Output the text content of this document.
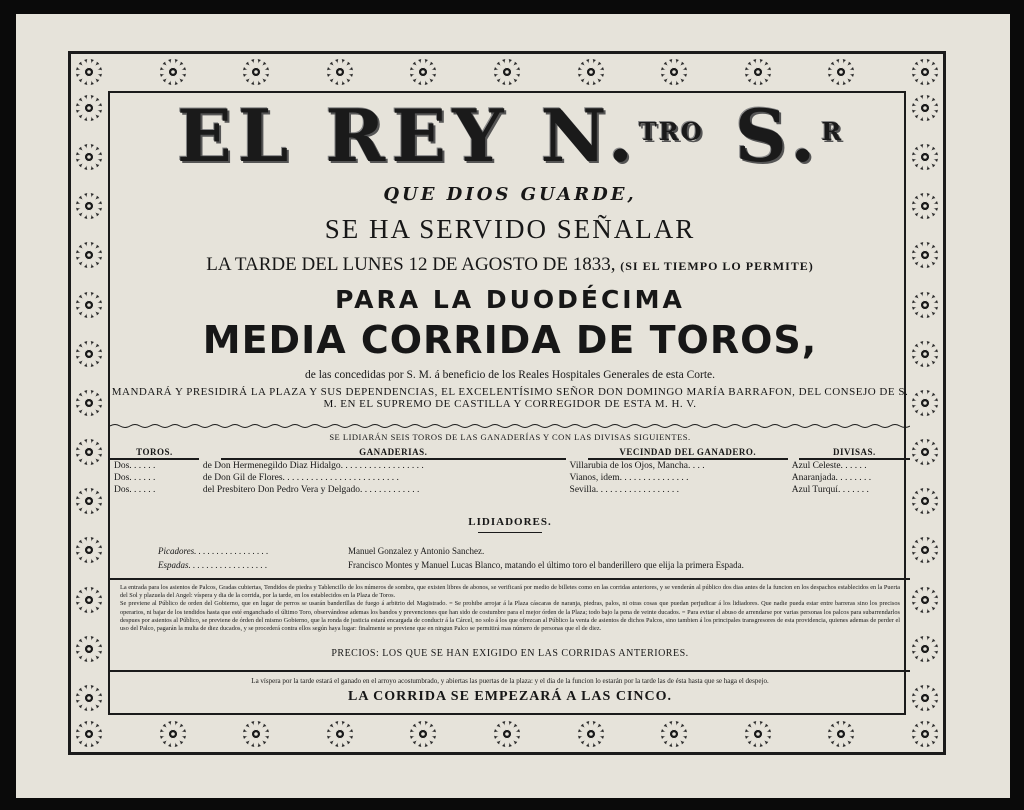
EL REY N.$^{TRO}$ S.$^R$
QUE DIOS GUARDE,
SE HA SERVIDO SEÑALAR
LA TARDE DEL LUNES 12 DE AGOSTO DE 1833, (SI EL TIEMPO LO PERMITE)
PARA LA DUODÉCIMA
MEDIA CORRIDA DE TOROS,
de las concedidas por S. M. á beneficio de los Reales Hospitales Generales de esta Corte.
MANDARÁ Y PRESIDIRÁ LA PLAZA Y SUS DEPENDENCIAS, EL EXCELENTÍSIMO SEÑOR DON DOMINGO MARÍA BARRAFON, DEL CONSEJO DE S. M. EN EL SUPREMO DE CASTILLA Y CORREGIDOR DE ESTA M. H. V.
SE LIDIARÁN SEIS TOROS DE LAS GANADERÍAS Y CON LAS DIVISAS SIGUIENTES.
TOROS.		GANADERIAS.		VECINDAD DEL GANADERO.		DIVISAS.
Dos. . . . . .	de Don Hermenegildo Diaz Hidalgo. . . . . . . . . . . . . . . . . .		Villarubia de los Ojos, Mancha. . . .		Azul Celeste. . . . . .	
Dos. . . . . .	de Don Gil de Flores. . . . . . . . . . . . . . . . . . . . . . . . .		Vianos, idem. . . . . . . . . . . . . . .		Anaranjada. . . . . . . .	
Dos. . . . . .	del Presbitero Don Pedro Vera y Delgado. . . . . . . . . . . . .		Sevilla. . . . . . . . . . . . . . . . . .		Azul Turquí. . . . . . .	
LIDIADORES.
Picadores. . . . . . . . . . . . . . . . .	Manuel Gonzalez y Antonio Sanchez.
Espadas. . . . . . . . . . . . . . . . . .	Francisco Montes y Manuel Lucas Blanco, matando el último toro el banderillero que elija la primera Espada.
La entrada para los asientos de Palcos, Gradas cubiertas, Tendidos de piedra y Tablencillo de los números de sombra, que existen libres de abonos, se verificará por medio de billetes como en las corridas anteriores, y se venderán al público dos dias antes de la funcion en los despachos establecidos en la Puerta del Sol y plazuela del Angel: víspera y dia de la corrida, por la tarde, en los establecidos en la Plaza de Toros.
Se previene al Público de orden del Gobierno, que en lugar de perros se usarán banderillas de fuego á arbitrio del Magistrado. = Se prohibe arrojar á la Plaza cáscaras de naranja, piedras, palos, ni otras cosas que puedan perjudicar á los lidiadores. Que nadie pueda estar entre barreras sino los precisos operarios, ni bajar de los tendidos hasta que esté enganchado el último Toro, observándose ademas los bandos y prevenciones que han sido de costumbre para el mejor órden de la Plaza; todo bajo la pena de veinte ducados. = Para evitar el abuso de arrendarse por varias personas los palcos para subarrendarlos despues por asientos al Público, se previene de órden del mismo Gobierno, que la ronda de justicia estará encargada de conducir á la Cárcel, no solo á los que ofrezcan al Público la venta de asientos de dichos Palcos, sino tambien á los principales transgresores de esta providencia, quienes ademas de perder el uso del Palco, pagarán la multa de diez ducados, y se procederá contra ellos según haya lugar: finalmente se previene que en ningun Palco se permitirá mas número de personas que el de diez.
PRECIOS: LOS QUE SE HAN EXIGIDO EN LAS CORRIDAS ANTERIORES.
La víspera por la tarde estará el ganado en el arroyo acostumbrado, y abiertas las puertas de la plaza: y el dia de la funcion lo estarán por la tarde las de ésta hasta que se haga el despejo.
LA CORRIDA SE EMPEZARÁ A LAS CINCO.
